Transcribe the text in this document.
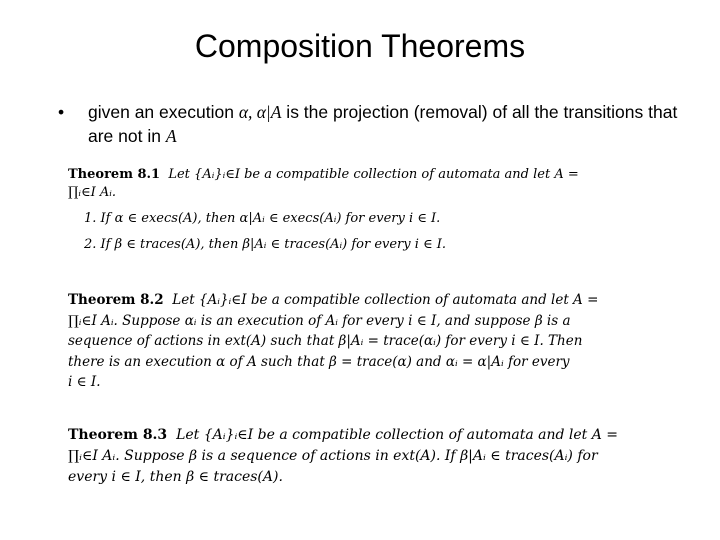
Composition Theorems
• given an execution α, α|A is the projection (removal) of all the transitions that are not in A
Theorem 8.1 Let {Aᵢ}ᵢ∈I be a compatible collection of automata and let A =
∏ᵢ∈I Aᵢ.
1. If α ∈ execs(A), then α|Aᵢ ∈ execs(Aᵢ) for every i ∈ I.
2. If β ∈ traces(A), then β|Aᵢ ∈ traces(Aᵢ) for every i ∈ I.
Theorem 8.2 Let {Aᵢ}ᵢ∈I be a compatible collection of automata and let A =
∏ᵢ∈I Aᵢ. Suppose αᵢ is an execution of Aᵢ for every i ∈ I, and suppose β is a
sequence of actions in ext(A) such that β|Aᵢ = trace(αᵢ) for every i ∈ I. Then
there is an execution α of A such that β = trace(α) and αᵢ = α|Aᵢ for every
i ∈ I.
Theorem 8.3 Let {Aᵢ}ᵢ∈I be a compatible collection of automata and let A =
∏ᵢ∈I Aᵢ. Suppose β is a sequence of actions in ext(A). If β|Aᵢ ∈ traces(Aᵢ) for
every i ∈ I, then β ∈ traces(A).
